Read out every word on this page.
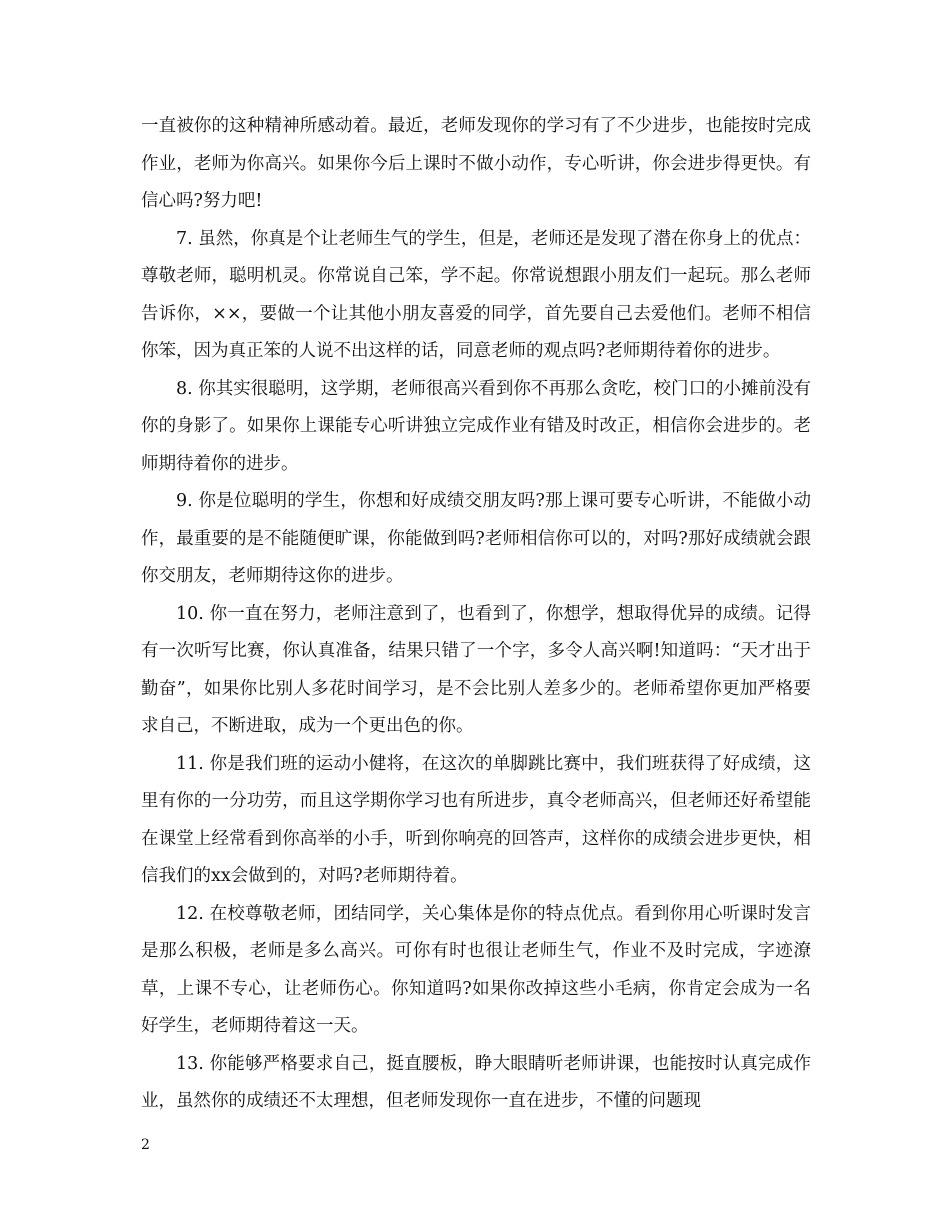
一直被你的这种精神所感动着。最近，老师发现你的学习有了不少进步，也能按时完成作业，老师为你高兴。如果你今后上课时不做小动作，专心听讲，你会进步得更快。有信心吗?努力吧!

7. 虽然，你真是个让老师生气的学生，但是，老师还是发现了潜在你身上的优点：尊敬老师，聪明机灵。你常说自己笨，学不起。你常说想跟小朋友们一起玩。那么老师告诉你，××，要做一个让其他小朋友喜爱的同学，首先要自己去爱他们。老师不相信你笨，因为真正笨的人说不出这样的话，同意老师的观点吗?老师期待着你的进步。

8. 你其实很聪明，这学期，老师很高兴看到你不再那么贪吃，校门口的小摊前没有你的身影了。如果你上课能专心听讲独立完成作业有错及时改正，相信你会进步的。老师期待着你的进步。

9. 你是位聪明的学生，你想和好成绩交朋友吗?那上课可要专心听讲，不能做小动作，最重要的是不能随便旷课，你能做到吗?老师相信你可以的，对吗?那好成绩就会跟你交朋友，老师期待这你的进步。

10. 你一直在努力，老师注意到了，也看到了，你想学，想取得优异的成绩。记得有一次听写比赛，你认真准备，结果只错了一个字，多令人高兴啊!知道吗：“天才出于勤奋”，如果你比别人多花时间学习，是不会比别人差多少的。老师希望你更加严格要求自己，不断进取，成为一个更出色的你。

11. 你是我们班的运动小健将，在这次的单脚跳比赛中，我们班获得了好成绩，这里有你的一分功劳，而且这学期你学习也有所进步，真令老师高兴，但老师还好希望能在课堂上经常看到你高举的小手，听到你响亮的回答声，这样你的成绩会进步更快，相信我们的xx会做到的，对吗?老师期待着。

12. 在校尊敬老师，团结同学，关心集体是你的特点优点。看到你用心听课时发言是那么积极，老师是多么高兴。可你有时也很让老师生气，作业不及时完成，字迹潦草，上课不专心，让老师伤心。你知道吗?如果你改掉这些小毛病，你肯定会成为一名好学生，老师期待着这一天。

13. 你能够严格要求自己，挺直腰板，睁大眼睛听老师讲课，也能按时认真完成作业，虽然你的成绩还不太理想，但老师发现你一直在进步，不懂的问题现

2
